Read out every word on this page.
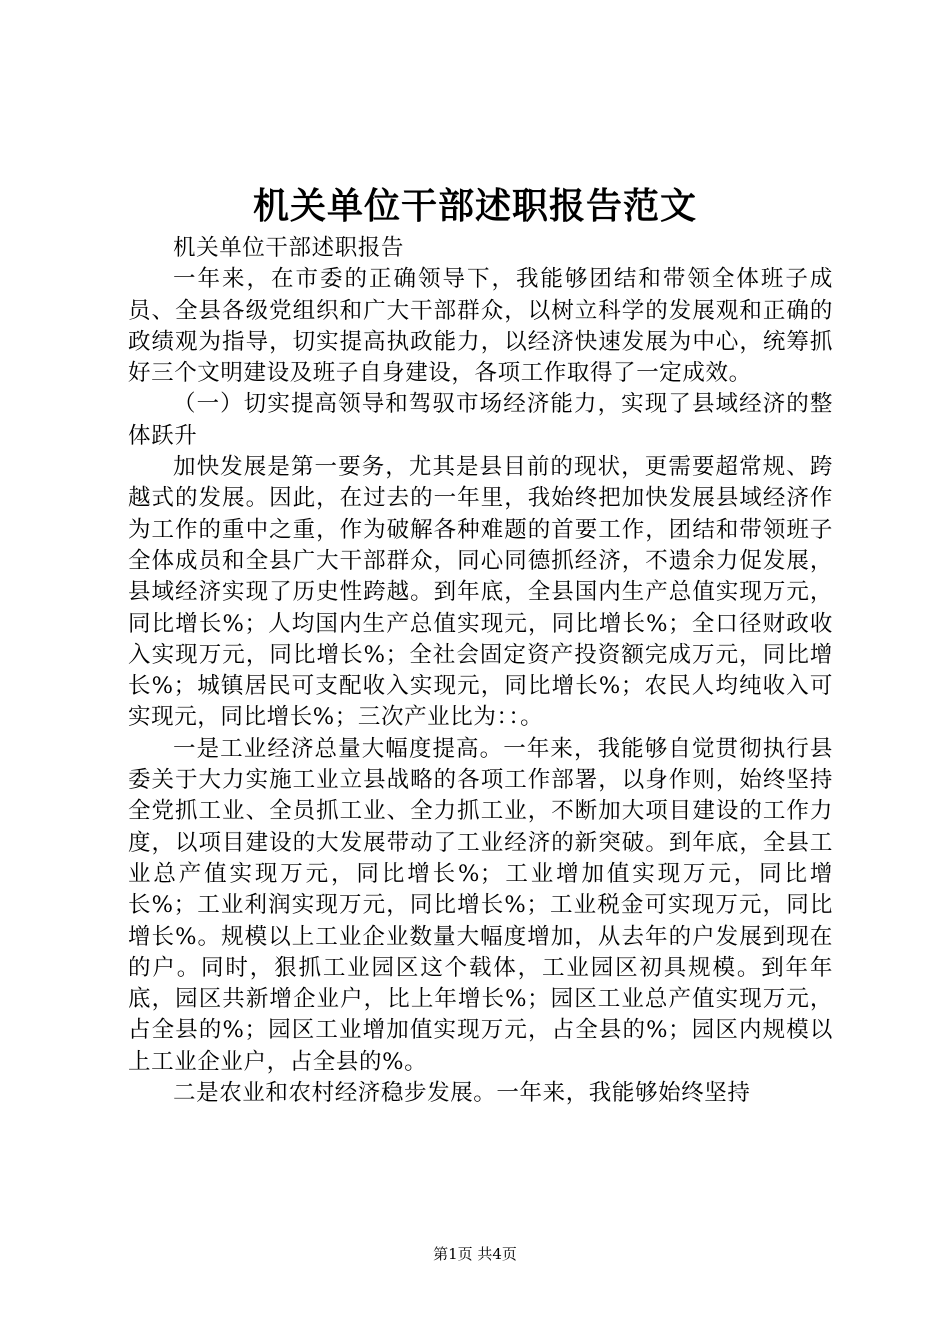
机关单位干部述职报告范文

机关单位干部述职报告

一年来，在市委的正确领导下，我能够团结和带领全体班子成员、全县各级党组织和广大干部群众，以树立科学的发展观和正确的政绩观为指导，切实提高执政能力，以经济快速发展为中心，统筹抓好三个文明建设及班子自身建设，各项工作取得了一定成效。

（一）切实提高领导和驾驭市场经济能力，实现了县域经济的整体跃升

加快发展是第一要务，尤其是县目前的现状，更需要超常规、跨越式的发展。因此，在过去的一年里，我始终把加快发展县域经济作为工作的重中之重，作为破解各种难题的首要工作，团结和带领班子全体成员和全县广大干部群众，同心同德抓经济，不遗余力促发展，县域经济实现了历史性跨越。到年底，全县国内生产总值实现万元，同比增长%；人均国内生产总值实现元，同比增长%；全口径财政收入实现万元，同比增长%；全社会固定资产投资额完成万元，同比增长%；城镇居民可支配收入实现元，同比增长%；农民人均纯收入可实现元，同比增长%；三次产业比为：：。

一是工业经济总量大幅度提高。一年来，我能够自觉贯彻执行县委关于大力实施工业立县战略的各项工作部署，以身作则，始终坚持全党抓工业、全员抓工业、全力抓工业，不断加大项目建设的工作力度，以项目建设的大发展带动了工业经济的新突破。到年底，全县工业总产值实现万元，同比增长%；工业增加值实现万元，同比增长%；工业利润实现万元，同比增长%；工业税金可实现万元，同比增长%。规模以上工业企业数量大幅度增加，从去年的户发展到现在的户。同时，狠抓工业园区这个载体，工业园区初具规模。到年年底，园区共新增企业户，比上年增长%；园区工业总产值实现万元，占全县的%；园区工业增加值实现万元，占全县的%；园区内规模以上工业企业户，占全县的%。

二是农业和农村经济稳步发展。一年来，我能够始终坚持

第1页 共4页
